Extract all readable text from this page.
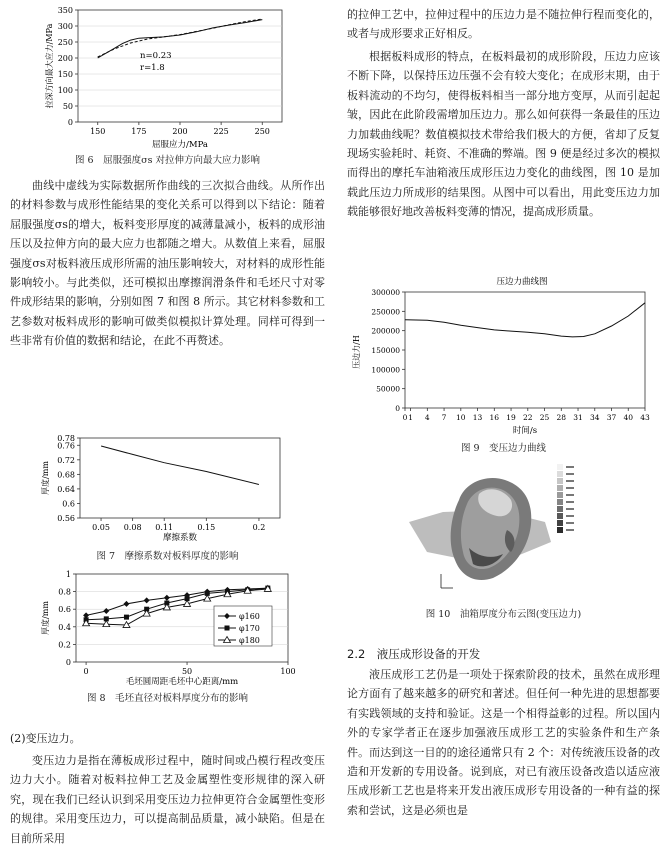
0
50
100
150
200
250
300
350
150	175	200	225	250
n=0.23
r=1.8
屈服应力/MPa
拉深方向最大应力/MPa

图 6　屈服强度σs 对拉伸方向最大应力影响

曲线中虚线为实际数据所作曲线的三次拟合曲线。从所作出的材料参数与成形性能结果的变化关系可以得到以下结论：随着屈服强度σs的增大，板料变形厚度的减薄量减小，板料的成形油压以及拉伸方向的最大应力也都随之增大。从数值上来看，屈服强度σs对板料液压成形所需的油压影响较大，对材料的成形性能影响较小。与此类似，还可模拟出摩擦润滑条件和毛坯尺寸对零件成形结果的影响，分别如图 7 和图 8 所示。其它材料参数和工艺参数对板料成形的影响可做类似模拟计算处理。同样可得到一些非常有价值的数据和结论，在此不再赘述。

0.56
0.6
0.64
0.68
0.72
0.76
0.78
0.05 0.08 0.11	0.15	0.2
摩擦系数
厚度/mm

图 7　摩擦系数对板料厚度的影响

0
0.2
0.4
0.6
0.8
1
0	50	100
φ160
φ170
φ180
毛坯圆周距毛坯中心距离/mm
厚度/mm

图 8　毛坯直径对板料厚度分布的影响

(2)变压边力。

变压边力是指在薄板成形过程中，随时间或凸模行程改变压边力大小。随着对板料拉伸工艺及金属塑性变形规律的深入研究，现在我们已经认识到采用变压边力拉伸更符合金属塑性变形的规律。采用变压边力，可以提高制品质量，减小缺陷。但是在目前所采用

的拉伸工艺中，拉伸过程中的压边力是不随拉伸行程而变化的，或者与成形要求正好相反。

根据板料成形的特点，在板料最初的成形阶段，压边力应该不断下降，以保持压边压强不会有较大变化；在成形末期，由于板料流动的不均匀，使得板料相当一部分地方变厚，从而引起起皱，因此在此阶段需增加压边力。那么如何获得一条最佳的压边力加载曲线呢？数值模拟技术带给我们极大的方便，省却了反复现场实验耗时、耗资、不准确的弊端。图 9 便是经过多次的模拟而得出的摩托车油箱液压成形压边力变化的曲线图，图 10 是加载此压边力所成形的结果图。从图中可以看出，用此变压边力加载能够很好地改善板料变薄的情况，提高成形质量。

压边力曲线图
0
50000
100000
150000
200000
250000
300000
0 1 4 7 10 13 16 19 22 25 28 31 34 37 40 43
时间/s
压边力/H

图 9　变压边力曲线

图 10　油箱厚度分布云图(变压边力)

2.2　液压成形设备的开发

液压成形工艺仍是一项处于探索阶段的技术，虽然在成形理论方面有了越来越多的研究和著述。但任何一种先进的思想都要有实践领域的支持和验证。这是一个相得益彰的过程。所以国内外的专家学者正在逐步加强液压成形工艺的实验条件和生产条件。而达到这一目的的途径通常只有 2 个：对传统液压设备的改造和开发新的专用设备。说到底，对已有液压设备改造以适应液压成形新工艺也是将来开发出液压成形专用设备的一种有益的探索和尝试，这是必须也是
